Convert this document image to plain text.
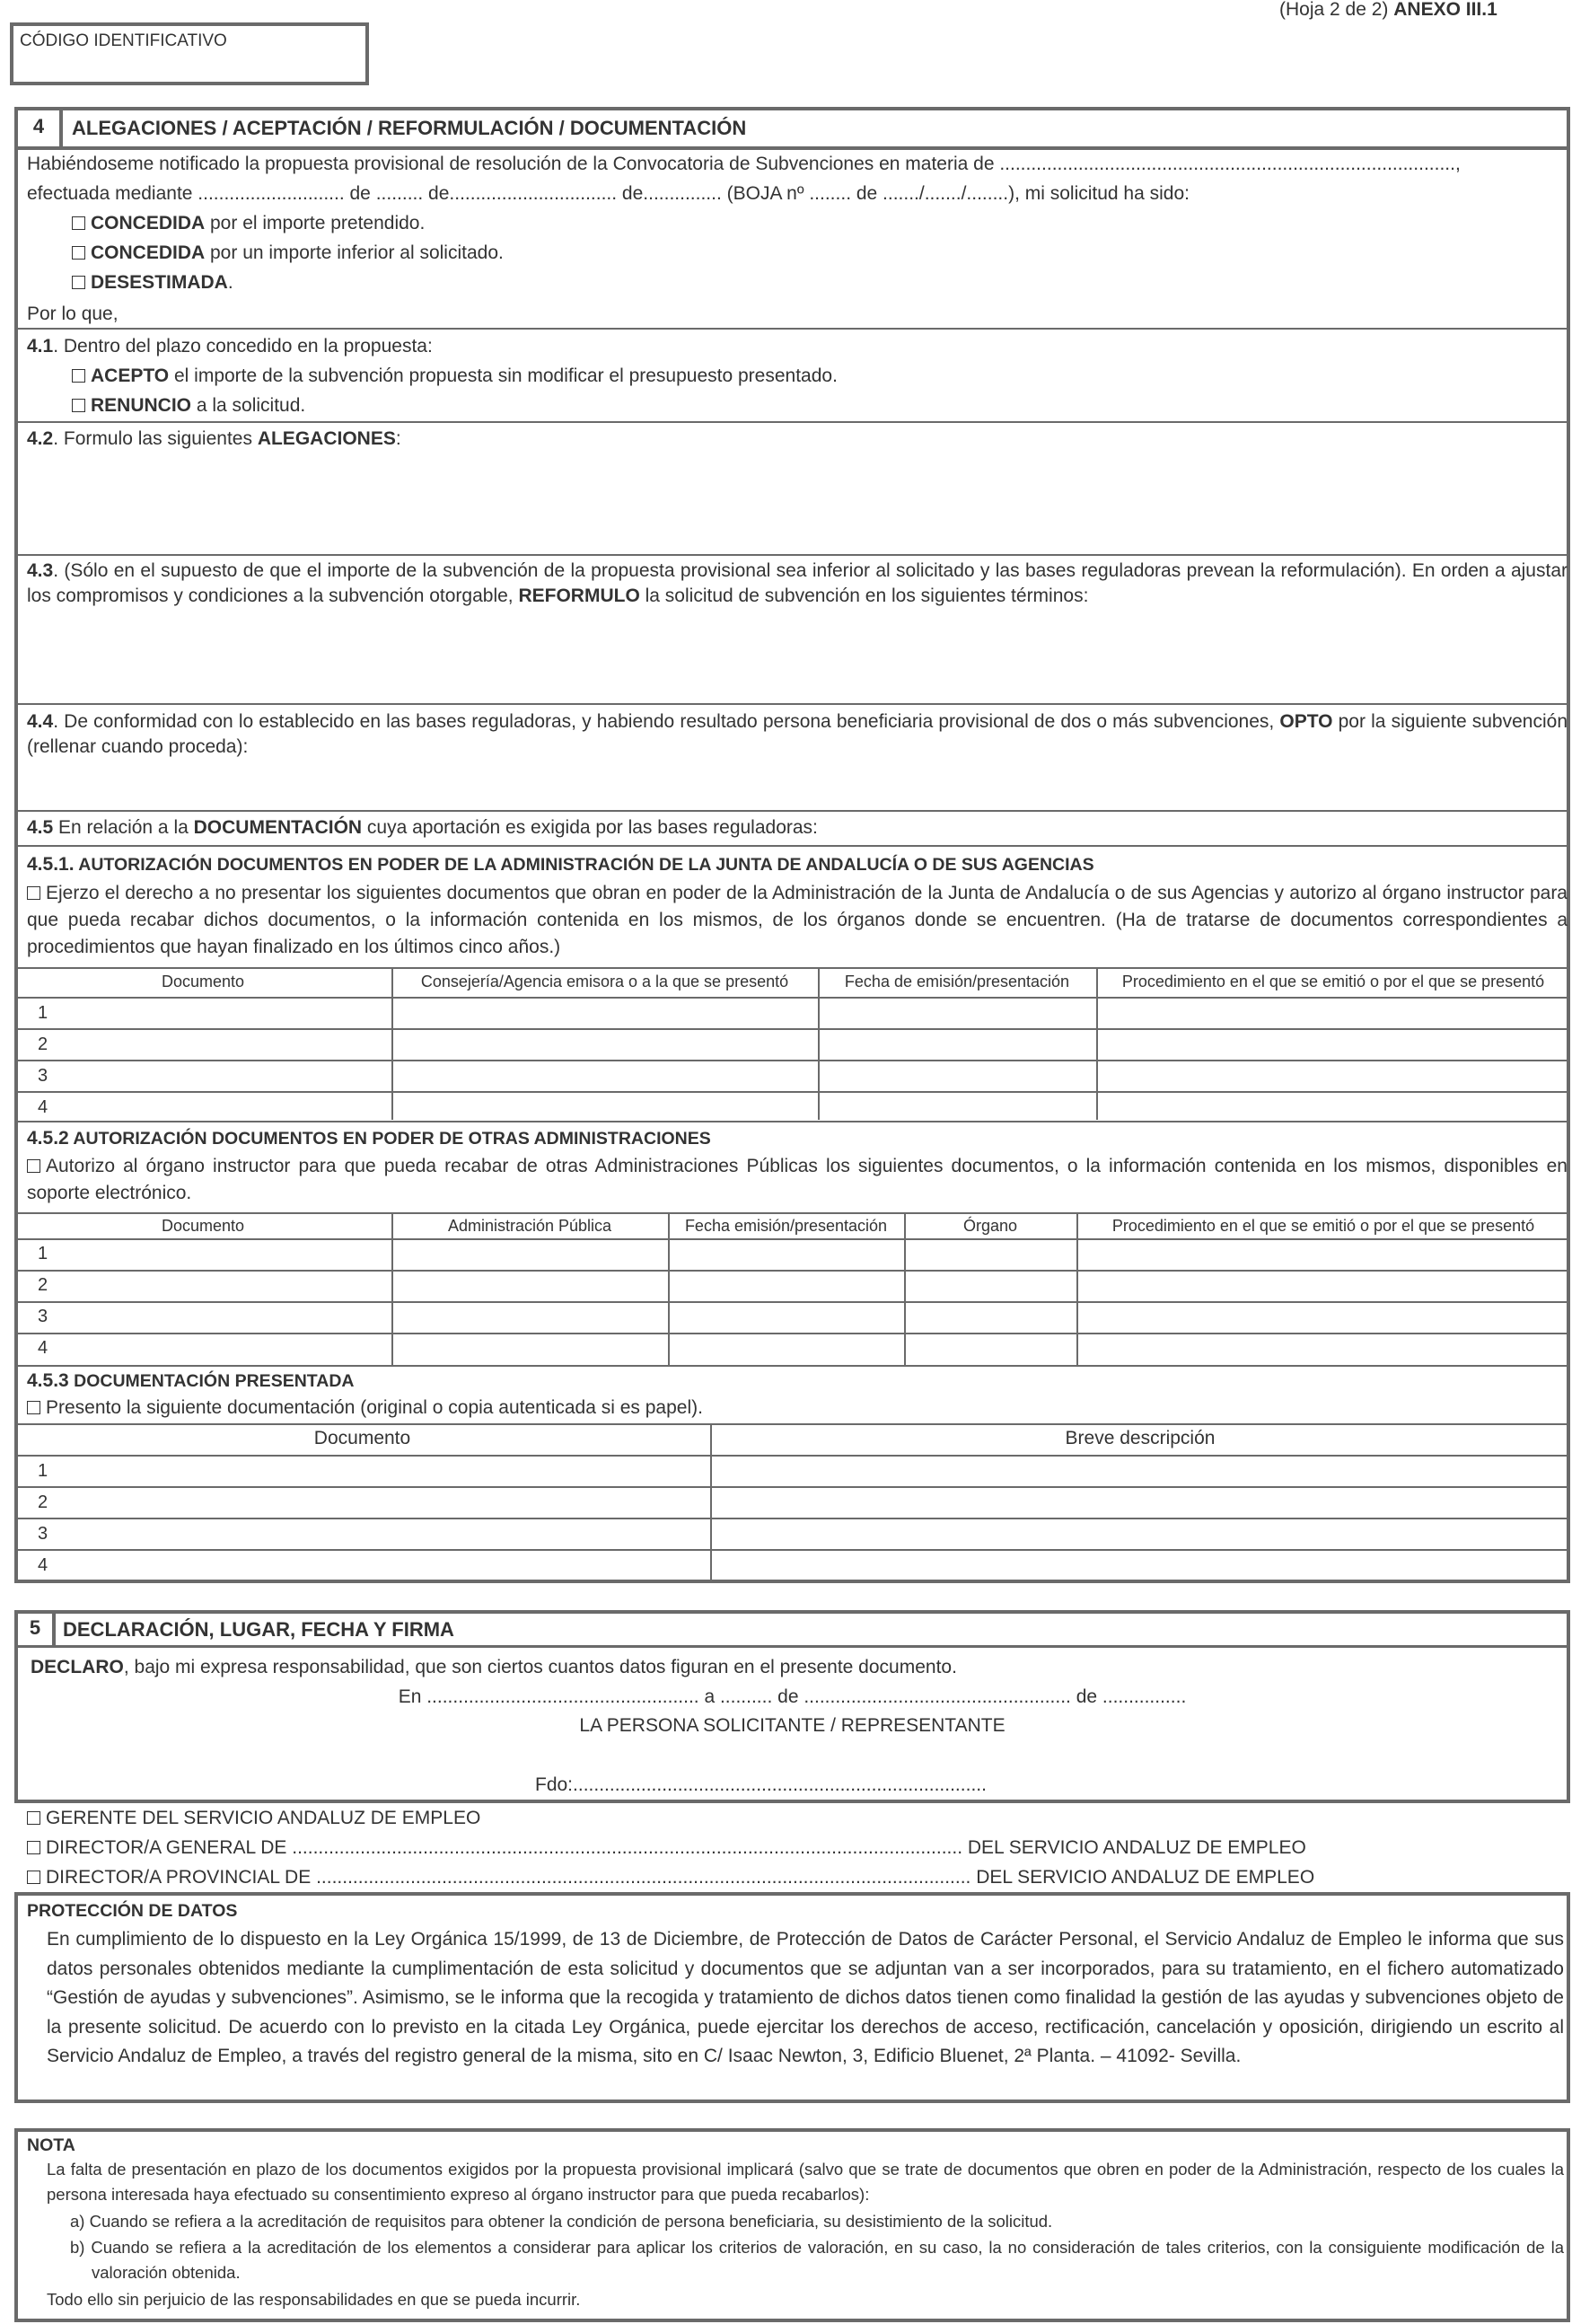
CÓDIGO IDENTIFICATIVO
(Hoja 2 de 2) ANEXO III.1
4	ALEGACIONES / ACEPTACIÓN / REFORMULACIÓN / DOCUMENTACIÓN
Habiéndoseme notificado la propuesta provisional de resolución de la Convocatoria de Subvenciones en materia de .......................................................................................,
efectuada mediante ............................ de ......... de................................ de............... (BOJA nº ........ de ......./......./........), mi solicitud ha sido:
CONCEDIDA por el importe pretendido.
CONCEDIDA por un importe inferior al solicitado.
DESESTIMADA.
Por lo que,
4.1. Dentro del plazo concedido en la propuesta:
ACEPTO el importe de la subvención propuesta sin modificar el presupuesto presentado.
RENUNCIO a la solicitud.
4.2. Formulo las siguientes ALEGACIONES:
4.3. (Sólo en el supuesto de que el importe de la subvención de la propuesta provisional sea inferior al solicitado y las bases reguladoras prevean la reformulación). En orden a ajustar los compromisos y condiciones a la subvención otorgable, REFORMULO la solicitud de subvención en los siguientes términos:
4.4. De conformidad con lo establecido en las bases reguladoras, y habiendo resultado persona beneficiaria provisional de dos o más subvenciones, OPTO por la siguiente subvención (rellenar cuando proceda):
4.5 En relación a la DOCUMENTACIÓN cuya aportación es exigida por las bases reguladoras:
4.5.1. AUTORIZACIÓN DOCUMENTOS EN PODER DE LA ADMINISTRACIÓN DE LA JUNTA DE ANDALUCÍA O DE SUS AGENCIAS
Ejerzo el derecho a no presentar los siguientes documentos que obran en poder de la Administración de la Junta de Andalucía o de sus Agencias y autorizo al órgano instructor para que pueda recabar dichos documentos, o la información contenida en los mismos, de los órganos donde se encuentren. (Ha de tratarse de documentos correspondientes a procedimientos que hayan finalizado en los últimos cinco años.)
Documento	Consejería/Agencia emisora o a la que se presentó	Fecha de emisión/presentación	Procedimiento en el que se emitió o por el que se presentó
1
2
3
4
4.5.2 AUTORIZACIÓN DOCUMENTOS EN PODER DE OTRAS ADMINISTRACIONES
Autorizo al órgano instructor para que pueda recabar de otras Administraciones Públicas los siguientes documentos, o la información contenida en los mismos, disponibles en soporte electrónico.
Documento	Administración Pública	Fecha emisión/presentación	Órgano	Procedimiento en el que se emitió o por el que se presentó
1
2
3
4
4.5.3 DOCUMENTACIÓN PRESENTADA
Presento la siguiente documentación (original o copia autenticada si es papel).
Documento	Breve descripción
1
2
3
4
5	DECLARACIÓN, LUGAR, FECHA Y FIRMA
DECLARO, bajo mi expresa responsabilidad, que son ciertos cuantos datos figuran en el presente documento.
En .................................................... a .......... de ................................................... de ................
LA PERSONA SOLICITANTE / REPRESENTANTE
Fdo:...............................................................................
GERENTE DEL SERVICIO ANDALUZ DE EMPLEO
DIRECTOR/A GENERAL DE ................................................................................................................................ DEL SERVICIO ANDALUZ DE EMPLEO
DIRECTOR/A PROVINCIAL DE ............................................................................................................................. DEL SERVICIO ANDALUZ DE EMPLEO
PROTECCIÓN DE DATOS
En cumplimiento de lo dispuesto en la Ley Orgánica 15/1999, de 13 de Diciembre, de Protección de Datos de Carácter Personal, el Servicio Andaluz de Empleo le informa que sus datos personales obtenidos mediante la cumplimentación de esta solicitud y documentos que se adjuntan van a ser incorporados, para su tratamiento, en el fichero automatizado “Gestión de ayudas y subvenciones”. Asimismo, se le informa que la recogida y tratamiento de dichos datos tienen como finalidad la gestión de las ayudas y subvenciones objeto de la presente solicitud. De acuerdo con lo previsto en la citada Ley Orgánica, puede ejercitar los derechos de acceso, rectificación, cancelación y oposición, dirigiendo un escrito al Servicio Andaluz de Empleo, a través del registro general de la misma, sito en C/ Isaac Newton, 3, Edificio Bluenet, 2ª Planta. – 41092- Sevilla.
NOTA
La falta de presentación en plazo de los documentos exigidos por la propuesta provisional implicará (salvo que se trate de documentos que obren en poder de la Administración, respecto de los cuales la persona interesada haya efectuado su consentimiento expreso al órgano instructor para que pueda recabarlos):
a) Cuando se refiera a la acreditación de requisitos para obtener la condición de persona beneficiaria, su desistimiento de la solicitud.
b) Cuando se refiera a la acreditación de los elementos a considerar para aplicar los criterios de valoración, en su caso, la no consideración de tales criterios, con la consiguiente modificación de la valoración obtenida.
Todo ello sin perjuicio de las responsabilidades en que se pueda incurrir.
